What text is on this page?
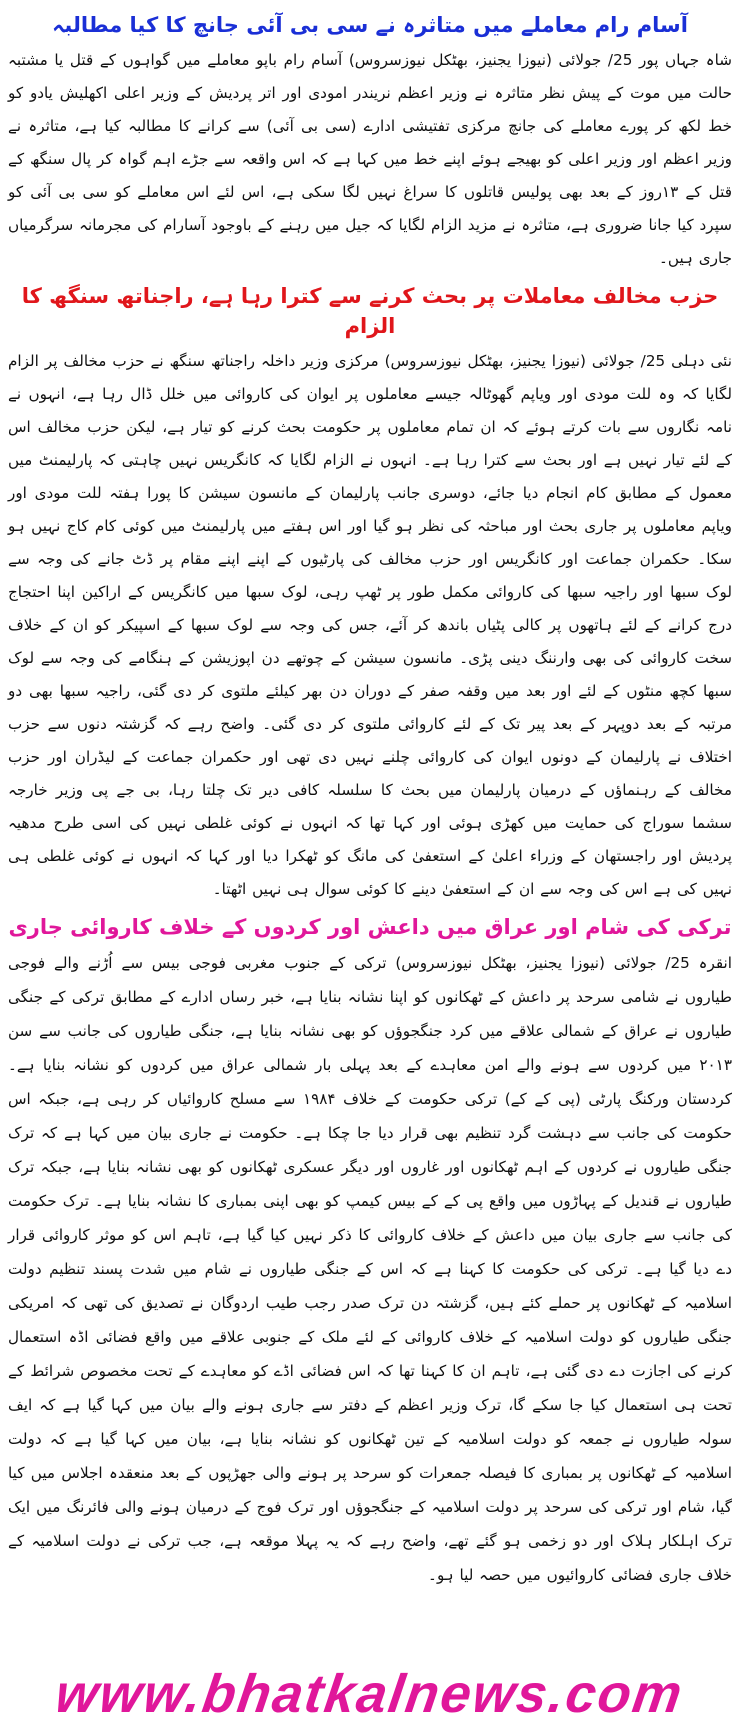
آسام رام معاملے میں متاثرہ نے سی بی آئی جانچ کا کیا مطالبہ

شاہ جہاں پور 25/ جولائی (نیوزا یجنیز، بھٹکل نیوزسروس) آسام رام باپو معاملے میں گواہوں کے قتل یا مشتبہ حالت میں موت کے پیش نظر متاثرہ نے وزیر اعظم نریندر امودی اور اتر پردیش کے وزیر اعلی اکھلیش یادو کو خط لکھ کر پورے معاملے کی جانچ مرکزی تفتیشی ادارے (سی بی آئی) سے کرانے کا مطالبہ کیا ہے، متاثرہ نے وزیر اعظم اور وزیر اعلی کو بھیجے ہوئے اپنے خط میں کہا ہے کہ اس واقعہ سے جڑے اہم گواہ کر پال سنگھ کے قتل کے ۱۳روز کے بعد بھی پولیس قاتلوں کا سراغ نہیں لگا سکی ہے، اس لئے اس معاملے کو سی بی آئی کو سپرد کیا جانا ضروری ہے، متاثرہ نے مزید الزام لگایا کہ جیل میں رہنے کے باوجود آسارام کی مجرمانہ سرگرمیاں جاری ہیں۔

حزب مخالف معاملات پر بحث کرنے سے کترا رہا ہے، راجناتھ سنگھ کا الزام

نئی دہلی 25/ جولائی (نیوزا یجنیز، بھٹکل نیوزسروس) مرکزی وزیر داخلہ راجناتھ سنگھ نے حزب مخالف پر الزام لگایا کہ وہ للت مودی اور ویاپم گھوٹالہ جیسے معاملوں پر ایوان کی کاروائی میں خلل ڈال رہا ہے، انہوں نے نامہ نگاروں سے بات کرتے ہوئے کہ ان تمام معاملوں پر حکومت بحث کرنے کو تیار ہے، لیکن حزب مخالف اس کے لئے تیار نہیں ہے اور بحث سے کترا رہا ہے۔ انہوں نے الزام لگایا کہ کانگریس نہیں چاہتی کہ پارلیمنٹ میں معمول کے مطابق کام انجام دیا جائے، دوسری جانب پارلیمان کے مانسون سیشن کا پورا ہفتہ للت مودی اور ویاپم معاملوں پر جاری بحث اور مباحثہ کی نظر ہو گیا اور اس ہفتے میں پارلیمنٹ میں کوئی کام کاج نہیں ہو سکا۔ حکمران جماعت اور کانگریس اور حزب مخالف کی پارٹیوں کے اپنے اپنے مقام پر ڈٹ جانے کی وجہ سے لوک سبھا اور راجیہ سبھا کی کاروائی مکمل طور پر ٹھپ رہی، لوک سبھا میں کانگریس کے اراکین اپنا احتجاج درج کرانے کے لئے ہاتھوں پر کالی پٹیاں باندھ کر آئے، جس کی وجہ سے لوک سبھا کے اسپیکر کو ان کے خلاف سخت کاروائی کی بھی وارننگ دینی پڑی۔ مانسون سیشن کے چوتھے دن اپوزیشن کے ہنگامے کی وجہ سے لوک سبھا کچھ منٹوں کے لئے اور بعد میں وقفہ صفر کے دوران دن بھر کیلئے ملتوی کر دی گئی، راجیہ سبھا بھی دو مرتبہ کے بعد دوپہر کے بعد پیر تک کے لئے کاروائی ملتوی کر دی گئی۔ واضح رہے کہ گزشتہ دنوں سے حزب اختلاف نے پارلیمان کے دونوں ایوان کی کاروائی چلنے نہیں دی تھی اور حکمران جماعت کے لیڈران اور حزب مخالف کے رہنماؤں کے درمیان پارلیمان میں بحث کا سلسلہ کافی دیر تک چلتا رہا، بی جے پی وزیر خارجہ سشما سوراج کی حمایت میں کھڑی ہوئی اور کہا تھا کہ انہوں نے کوئی غلطی نہیں کی اسی طرح مدھیہ پردیش اور راجستھان کے وزراء اعلیٰ کے استعفیٰ کی مانگ کو ٹھکرا دیا اور کہا کہ انہوں نے کوئی غلطی ہی نہیں کی ہے اس کی وجہ سے ان کے استعفیٰ دینے کا کوئی سوال ہی نہیں اٹھتا۔

ترکی کی شام اور عراق میں داعش اور کردوں کے خلاف کاروائی جاری

انقرہ 25/ جولائی (نیوزا یجنیز، بھٹکل نیوزسروس) ترکی کے جنوب مغربی فوجی بیس سے اُڑنے والے فوجی طیاروں نے شامی سرحد پر داعش کے ٹھکانوں کو اپنا نشانہ بنایا ہے، خبر رساں ادارے کے مطابق ترکی کے جنگی طیاروں نے عراق کے شمالی علاقے میں کرد جنگجوؤں کو بھی نشانہ بنایا ہے، جنگی طیاروں کی جانب سے سن ۲۰۱۳ میں کردوں سے ہونے والے امن معاہدے کے بعد پہلی بار شمالی عراق میں کردوں کو نشانہ بنایا ہے۔ کردستان ورکنگ پارٹی (پی کے کے) ترکی حکومت کے خلاف ۱۹۸۴ سے مسلح کاروائیاں کر رہی ہے، جبکہ اس حکومت کی جانب سے دہشت گرد تنظیم بھی قرار دیا جا چکا ہے۔ حکومت نے جاری بیان میں کہا ہے کہ ترک جنگی طیاروں نے کردوں کے اہم ٹھکانوں اور غاروں اور دیگر عسکری ٹھکانوں کو بھی نشانہ بنایا ہے، جبکہ ترک طیاروں نے قندیل کے پہاڑوں میں واقع پی کے کے بیس کیمپ کو بھی اپنی بمباری کا نشانہ بنایا ہے۔ ترک حکومت کی جانب سے جاری بیان میں داعش کے خلاف کاروائی کا ذکر نہیں کیا گیا ہے، تاہم اس کو موثر کاروائی قرار دے دیا گیا ہے۔ ترکی کی حکومت کا کہنا ہے کہ اس کے جنگی طیاروں نے شام میں شدت پسند تنظیم دولت اسلامیہ کے ٹھکانوں پر حملے کئے ہیں، گزشتہ دن ترک صدر رجب طیب اردوگان نے تصدیق کی تھی کہ امریکی جنگی طیاروں کو دولت اسلامیہ کے خلاف کاروائی کے لئے ملک کے جنوبی علاقے میں واقع فضائی اڈہ استعمال کرنے کی اجازت دے دی گئی ہے، تاہم ان کا کہنا تھا کہ اس فضائی اڈے کو معاہدے کے تحت مخصوص شرائط کے تحت ہی استعمال کیا جا سکے گا، ترک وزیر اعظم کے دفتر سے جاری ہونے والے بیان میں کہا گیا ہے کہ ایف سولہ طیاروں نے جمعہ کو دولت اسلامیہ کے تین ٹھکانوں کو نشانہ بنایا ہے، بیان میں کہا گیا ہے کہ دولت اسلامیہ کے ٹھکانوں پر بمباری کا فیصلہ جمعرات کو سرحد پر ہونے والی جھڑپوں کے بعد منعقدہ اجلاس میں کیا گیا، شام اور ترکی کی سرحد پر دولت اسلامیہ کے جنگجوؤں اور ترک فوج کے درمیان ہونے والی فائرنگ میں ایک ترک اہلکار ہلاک اور دو زخمی ہو گئے تھے، واضح رہے کہ یہ پہلا موقعہ ہے، جب ترکی نے دولت اسلامیہ کے خلاف جاری فضائی کاروائیوں میں حصہ لیا ہو۔

www.bhatkalnews.com
